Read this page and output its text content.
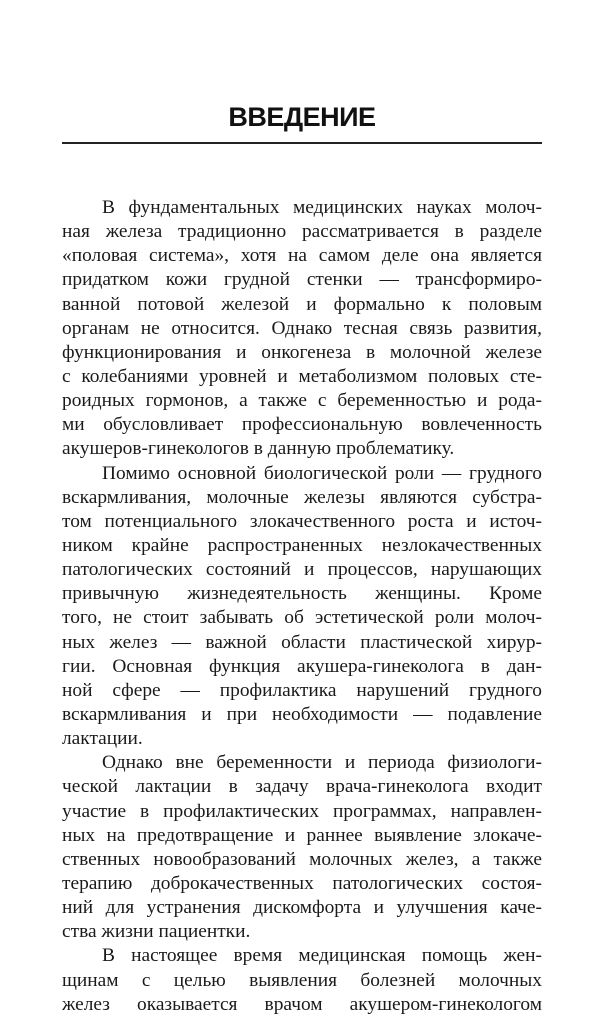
ВВЕДЕНИЕ

В фундаментальных медицинских науках молоч-
ная железа традиционно рассматривается в разделе
«половая система», хотя на самом деле она является
придатком кожи грудной стенки — трансформиро-
ванной потовой железой и формально к половым
органам не относится. Однако тесная связь развития,
функционирования и онкогенеза в молочной железе
с колебаниями уровней и метаболизмом половых сте-
роидных гормонов, а также с беременностью и рода-
ми обусловливает профессиональную вовлеченность
акушеров-гинекологов в данную проблематику.

Помимо основной биологической роли — грудного
вскармливания, молочные железы являются субстра-
том потенциального злокачественного роста и источ-
ником крайне распространенных незлокачественных
патологических состояний и процессов, нарушающих
привычную жизнедеятельность женщины. Кроме
того, не стоит забывать об эстетической роли молоч-
ных желез — важной области пластической хирур-
гии. Основная функция акушера-гинеколога в дан-
ной сфере — профилактика нарушений грудного
вскармливания и при необходимости — подавление
лактации.

Однако вне беременности и периода физиологи-
ческой лактации в задачу врача-гинеколога входит
участие в профилактических программах, направлен-
ных на предотвращение и раннее выявление злокаче-
ственных новообразований молочных желез, а также
терапию доброкачественных патологических состоя-
ний для устранения дискомфорта и улучшения каче-
ства жизни пациентки.

В настоящее время медицинская помощь жен-
щинам с целью выявления болезней молочных
желез оказывается врачом акушером-гинекологом
